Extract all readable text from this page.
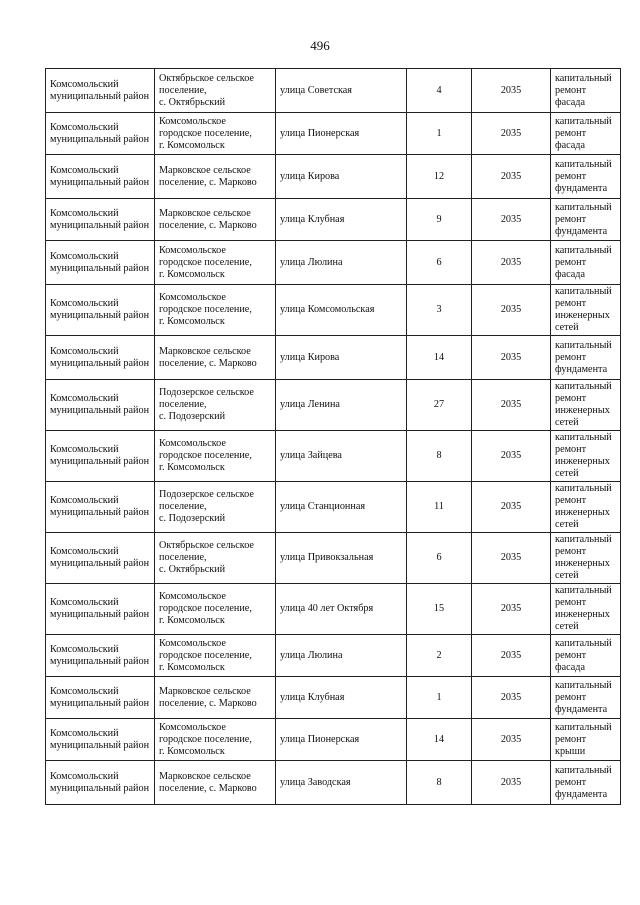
496
Комсомольский муниципальный район	Октябрьское сельское поселение,
с. Октябрьский	улица Советская	4	2035	капитальный ремонт фасада
Комсомольский муниципальный район	Комсомольское городское поселение,
г. Комсомольск	улица Пионерская	1	2035	капитальный ремонт фасада
Комсомольский муниципальный район	Марковское сельское поселение, с. Марково	улица Кирова	12	2035	капитальный ремонт фундамента
Комсомольский муниципальный район	Марковское сельское поселение, с. Марково	улица Клубная	9	2035	капитальный ремонт фундамента
Комсомольский муниципальный район	Комсомольское городское поселение,
г. Комсомольск	улица Люлина	6	2035	капитальный ремонт фасада
Комсомольский муниципальный район	Комсомольское городское поселение,
г. Комсомольск	улица Комсомольская	3	2035	капитальный ремонт инженерных сетей
Комсомольский муниципальный район	Марковское сельское поселение, с. Марково	улица Кирова	14	2035	капитальный ремонт фундамента
Комсомольский муниципальный район	Подозерское сельское поселение,
с. Подозерский	улица Ленина	27	2035	капитальный ремонт инженерных сетей
Комсомольский муниципальный район	Комсомольское городское поселение,
г. Комсомольск	улица Зайцева	8	2035	капитальный ремонт инженерных сетей
Комсомольский муниципальный район	Подозерское сельское поселение,
с. Подозерский	улица Станционная	11	2035	капитальный ремонт инженерных сетей
Комсомольский муниципальный район	Октябрьское сельское поселение,
с. Октябрьский	улица Привокзальная	6	2035	капитальный ремонт инженерных сетей
Комсомольский муниципальный район	Комсомольское городское поселение,
г. Комсомольск	улица 40 лет Октября	15	2035	капитальный ремонт инженерных сетей
Комсомольский муниципальный район	Комсомольское городское поселение,
г. Комсомольск	улица Люлина	2	2035	капитальный ремонт фасада
Комсомольский муниципальный район	Марковское сельское поселение, с. Марково	улица Клубная	1	2035	капитальный ремонт фундамента
Комсомольский муниципальный район	Комсомольское городское поселение,
г. Комсомольск	улица Пионерская	14	2035	капитальный ремонт крыши
Комсомольский муниципальный район	Марковское сельское поселение, с. Марково	улица Заводская	8	2035	капитальный ремонт фундамента
